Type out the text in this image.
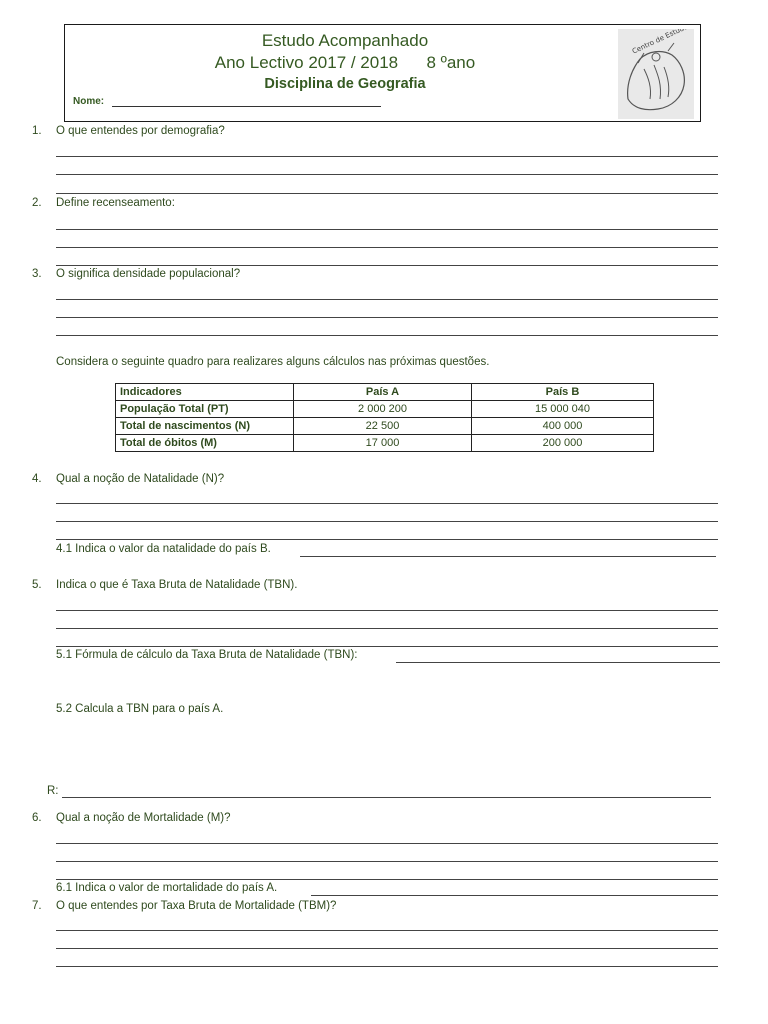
Estudo Acompanhado
Ano Lectivo 2017 / 2018      8 ºano
Disciplina de Geografia
Nome:
Centro de Estudos
1. O que entendes por demografia?
2. Define recenseamento:
3. O significa densidade populacional?
Considera o seguinte quadro para realizares alguns cálculos nas próximas questões.
Indicadores	País A	País B
População Total (PT)	2 000 200	15 000 040
Total de nascimentos (N)	22 500	400 000
Total de óbitos (M)	17 000	200 000
4. Qual a noção de Natalidade (N)?
4.1 Indica o valor da natalidade do país B.
5. Indica o que é Taxa Bruta de Natalidade (TBN).
5.1 Fórmula de cálculo da Taxa Bruta de Natalidade (TBN):
5.2 Calcula a TBN para o país A.
R:
6. Qual a noção de Mortalidade (M)?
6.1 Indica o valor de mortalidade do país A.
7. O que entendes por Taxa Bruta de Mortalidade (TBM)?
